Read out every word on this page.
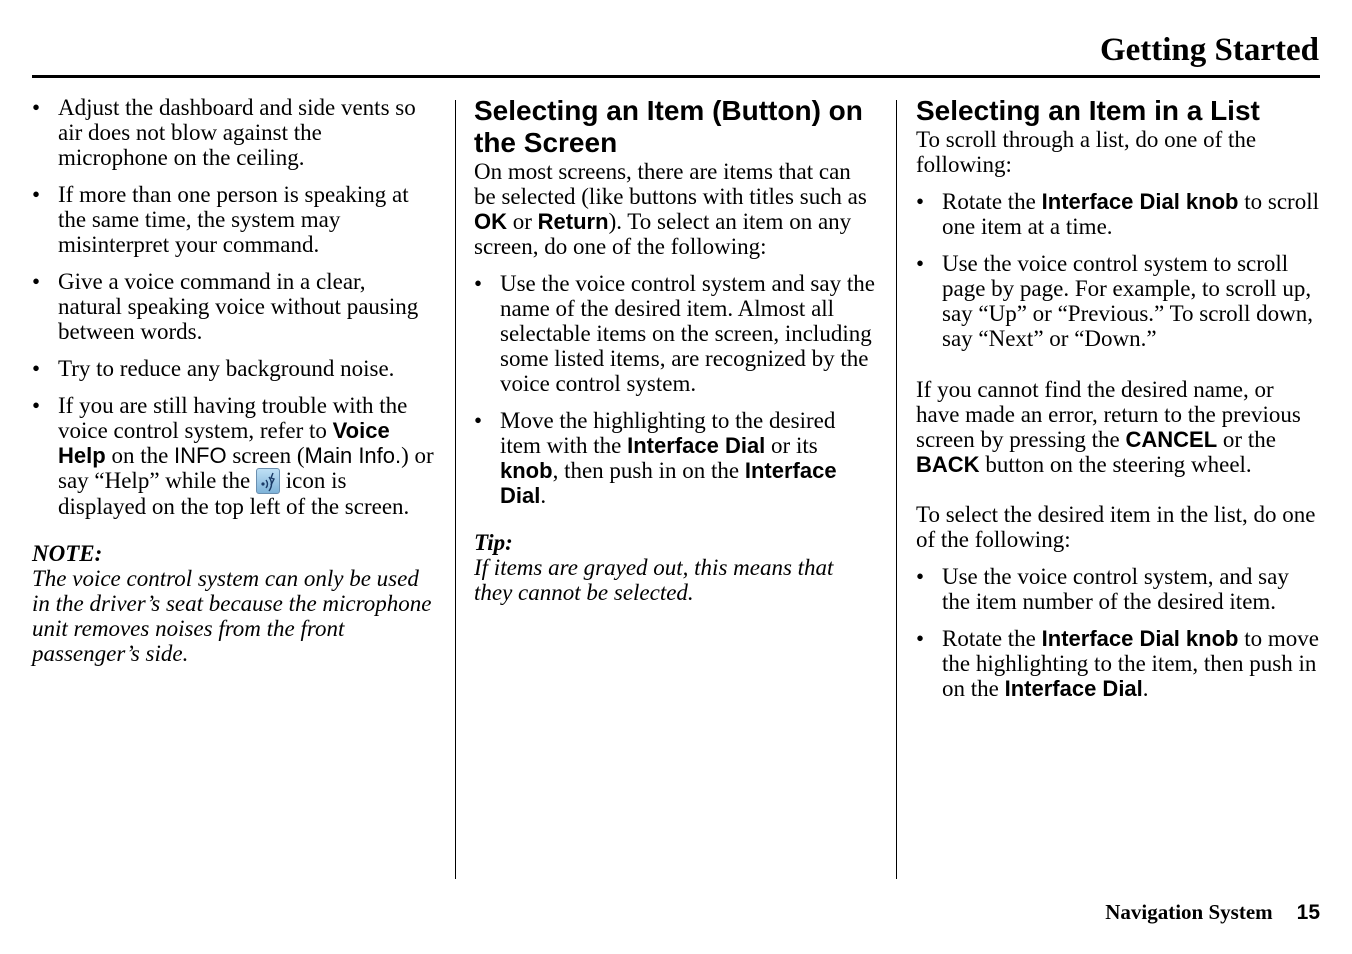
Getting Started
• Adjust the dashboard and side vents so air does not blow against the microphone on the ceiling.
• If more than one person is speaking at the same time, the system may misinterpret your command.
• Give a voice command in a clear, natural speaking voice without pausing between words.
• Try to reduce any background noise.
• If you are still having trouble with the voice control system, refer to Voice Help on the INFO screen (Main Info.) or say “Help” while the  icon is displayed on the top left of the screen.

NOTE:

The voice control system can only be used in the driver’s seat because the microphone unit removes noises from the front passenger’s side.

Selecting an Item (Button) on the Screen

On most screens, there are items that can be selected (like buttons with titles such as OK or Return). To select an item on any screen, do one of the following:

• Use the voice control system and say the name of the desired item. Almost all selectable items on the screen, including some listed items, are recognized by the voice control system.
• Move the highlighting to the desired item with the Interface Dial or its knob, then push in on the Interface Dial.

Tip:

If items are grayed out, this means that they cannot be selected.

Selecting an Item in a List

To scroll through a list, do one of the following:

• Rotate the Interface Dial knob to scroll one item at a time.
• Use the voice control system to scroll page by page. For example, to scroll up, say “Up” or “Previous.” To scroll down, say “Next” or “Down.”

If you cannot find the desired name, or have made an error, return to the previous screen by pressing the CANCEL or the BACK button on the steering wheel.

To select the desired item in the list, do one of the following:

• Use the voice control system, and say the item number of the desired item.
• Rotate the Interface Dial knob to move the highlighting to the item, then push in on the Interface Dial.
Navigation System 15
